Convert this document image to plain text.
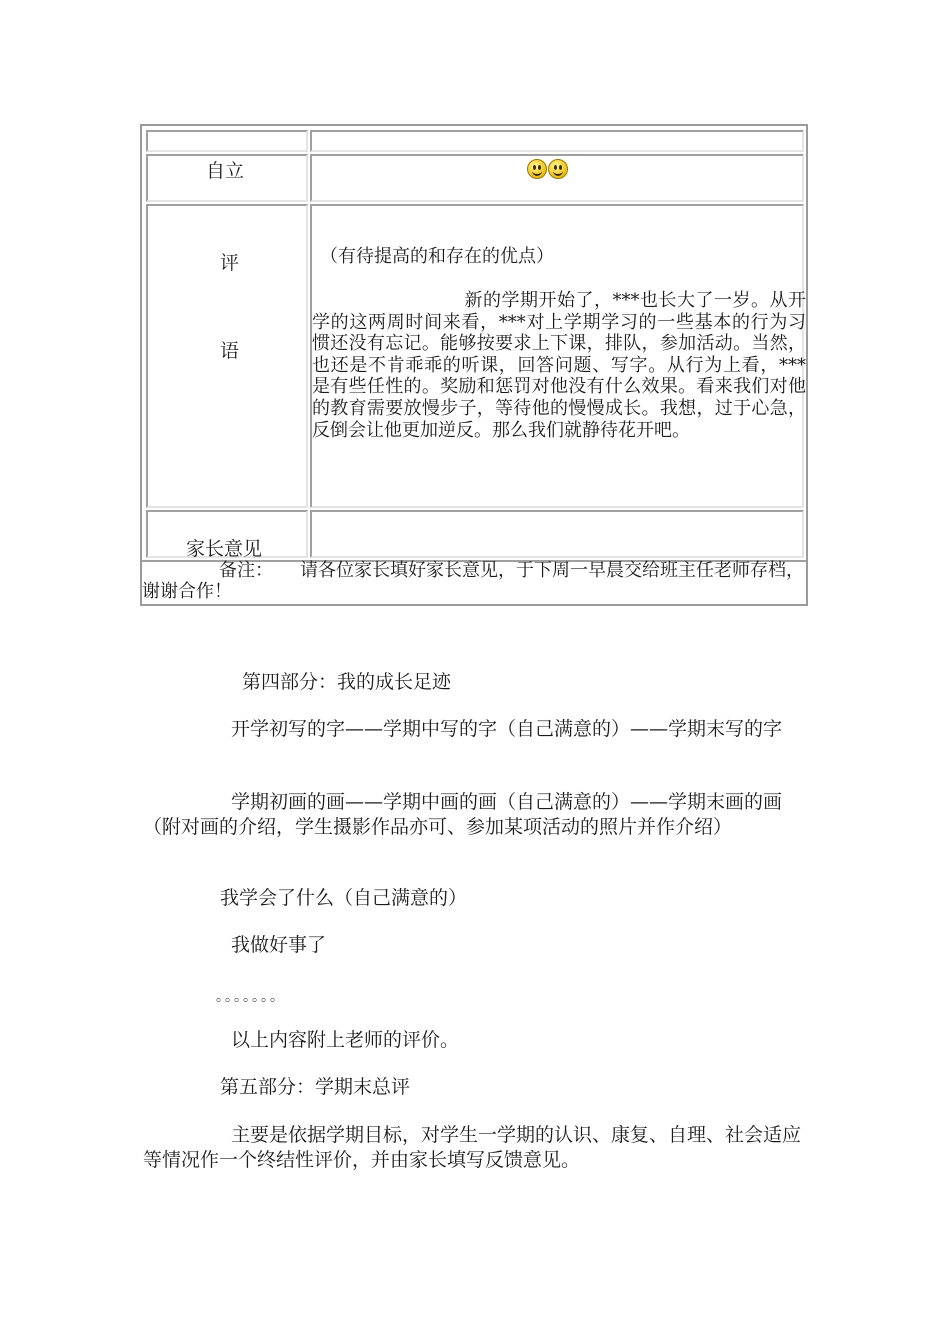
自立
评
语
家长意见
（有待提高的和存在的优点）
新的学期开始了，***也长大了一岁。从开学的这两周时间来看，***对上学期学习的一些基本的行为习惯还没有忘记。能够按要求上下课，排队，参加活动。当然，也还是不肯乖乖的听课，回答问题、写字。从行为上看，***是有些任性的。奖励和惩罚对他没有什么效果。看来我们对他的教育需要放慢步子，等待他的慢慢成长。我想，过于心急，反倒会让他更加逆反。那么我们就静待花开吧。
备注：　　请各位家长填好家长意见，于下周一早晨交给班主任老师存档，谢谢合作！
第四部分：我的成长足迹
开学初写的字——学期中写的字（自己满意的）——学期末写的字
学期初画的画——学期中画的画（自己满意的）——学期末画的画（附对画的介绍，学生摄影作品亦可、参加某项活动的照片并作介绍）
我学会了什么（自己满意的）
我做好事了
。。。。。。。
以上内容附上老师的评价。
第五部分：学期末总评
主要是依据学期目标，对学生一学期的认识、康复、自理、社会适应等情况作一个终结性评价，并由家长填写反馈意见。
